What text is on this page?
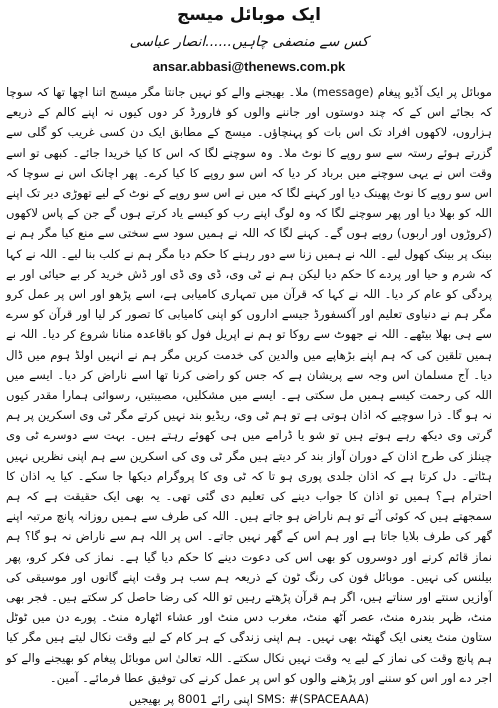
ایک موبائل میسج
کس سے منصفی چاہیں......انصار عباسی
ansar.abbasi@thenews.com.pk

موبائل پر ایک آڈیو پیغام (message) ملا۔ بھیجنے والے کو نہیں جانتا مگر میسج اتنا اچھا تھا کہ سوچا کہ بجائے اس کے کہ چند دوستوں اور جاننے والوں کو فارورڈ کر دوں کیوں نہ اپنے کالم کے ذریعے ہزاروں، لاکھوں افراد تک اس بات کو پہنچاؤں۔ میسج کے مطابق ایک دن کسی غریب کو گلی سے گزرتے ہوئے رستہ سے سو روپے کا نوٹ ملا۔ وہ سوچنے لگا کہ اس کا کیا خریدا جائے۔ کبھی تو اسے وقت اس نے یہی سوچنے میں برباد کر دیا کہ اس سو روپے کا کیا کرے۔ پھر اچانک اس نے سوچا کہ اس سو روپے کا نوٹ پھینک دیا اور کہنے لگا کہ میں نے اس سو روپے کے نوٹ کے لیے تھوڑی دیر تک اپنے اللہ کو بھلا دیا اور پھر سوچنے لگا کہ وہ لوگ اپنے رب کو کیسے یاد کرتے ہوں گے جن کے پاس لاکھوں (کروڑوں اور اربوں) روپے ہوں گے۔ کہنے لگا کہ اللہ نے ہمیں سود سے سختی سے منع کیا مگر ہم نے بینک پر بینک کھول لیے۔ اللہ نے ہمیں زنا سے دور رہنے کا حکم دیا مگر ہم نے کلب بنا لیے۔ اللہ نے کہا کہ شرم و حیا اور پردے کا حکم دیا لیکن ہم نے ٹی وی، ڈی وی ڈی اور ڈش خرید کر بے حیائی اور بے پردگی کو عام کر دیا۔ اللہ نے کہا کہ قرآن میں تمہاری کامیابی ہے، اسے پڑھو اور اس پر عمل کرو مگر ہم نے دنیاوی تعلیم اور آکسفورڈ جیسے اداروں کو اپنی کامیابی کا تصور کر لیا اور قرآن کو سرے سے ہی بھلا بیٹھے۔ اللہ نے جھوٹ سے روکا تو ہم نے اپریل فول کو باقاعدہ منانا شروع کر دیا۔ اللہ نے ہمیں تلقین کی کہ ہم اپنے بڑھاپے میں والدین کی خدمت کریں مگر ہم نے انہیں اولڈ ہوم میں ڈال دیا۔ آج مسلمان اس وجہ سے پریشان ہے کہ جس کو راضی کرنا تھا اسے ناراض کر دیا۔ ایسے میں اللہ کی رحمت کیسے ہمیں مل سکتی ہے۔ ایسے میں مشکلیں، مصیبتیں، رسوائی ہمارا مقدر کیوں نہ ہو گا۔ ذرا سوچیے کہ اذان ہوتی ہے تو ہم ٹی وی، ریڈیو بند نہیں کرتے مگر ٹی وی اسکرین پر ہم گرتی وی دیکھ رہے ہوتے ہیں تو شو یا ڈرامے میں ہی کھوئے رہتے ہیں۔ بہت سے دوسرے ٹی وی چینلز کی طرح اذان کے دوران آواز بند کر دیتے ہیں مگر ٹی وی کی اسکرین سے ہم اپنی نظریں نہیں ہٹاتے۔ دل کرتا ہے کہ اذان جلدی پوری ہو تا کہ ٹی وی کا پروگرام دیکھا جا سکے۔ کیا یہ اذان کا احترام ہے؟ ہمیں تو اذان کا جواب دینے کی تعلیم دی گئی تھی۔ یہ بھی ایک حقیقت ہے کہ ہم سمجھتے ہیں کہ کوئی آئے تو ہم ناراض ہو جاتے ہیں۔ اللہ کی طرف سے ہمیں روزانہ پانچ مرتبہ اپنے گھر کی طرف بلایا جاتا ہے اور ہم اس کے گھر نہیں جاتے۔ اس پر اللہ ہم سے ناراض نہ ہو گا؟ ہم نماز قائم کرنے اور دوسروں کو بھی اس کی دعوت دینے کا حکم دیا گیا ہے۔ نماز کی فکر کرو، پھر بیلنس کی نہیں۔ موبائل فون کی رنگ ٹون کے ذریعہ ہم سب ہر وقت اپنے گانوں اور موسیقی کی آوازیں سنتے اور سناتے ہیں، اگر ہم قرآن پڑھتے رہیں تو اللہ کی رضا حاصل کر سکتے ہیں۔ فجر بھی منٹ، ظہر بندرہ منٹ، عصر آٹھ منٹ، مغرب دس منٹ اور عشاء اٹھارہ منٹ۔ پورے دن میں ٹوٹل ستاون منٹ یعنی ایک گھنٹہ بھی نہیں۔ ہم اپنی زندگی کے ہر کام کے لیے وقت نکال لیتے ہیں مگر کیا ہم پانچ وقت کی نماز کے لیے یہ وقت نہیں نکال سکتے۔ اللہ تعالیٰ اس موبائل پیغام کو بھیجنے والے کو اجر دے اور اس کو سننے اور پڑھنے والوں کو اس پر عمل کرنے کی توفیق عطا فرمائے۔ آمین۔

SMS: #(SPACEAAA) اپنی رائے 8001 پر بھیجیں
